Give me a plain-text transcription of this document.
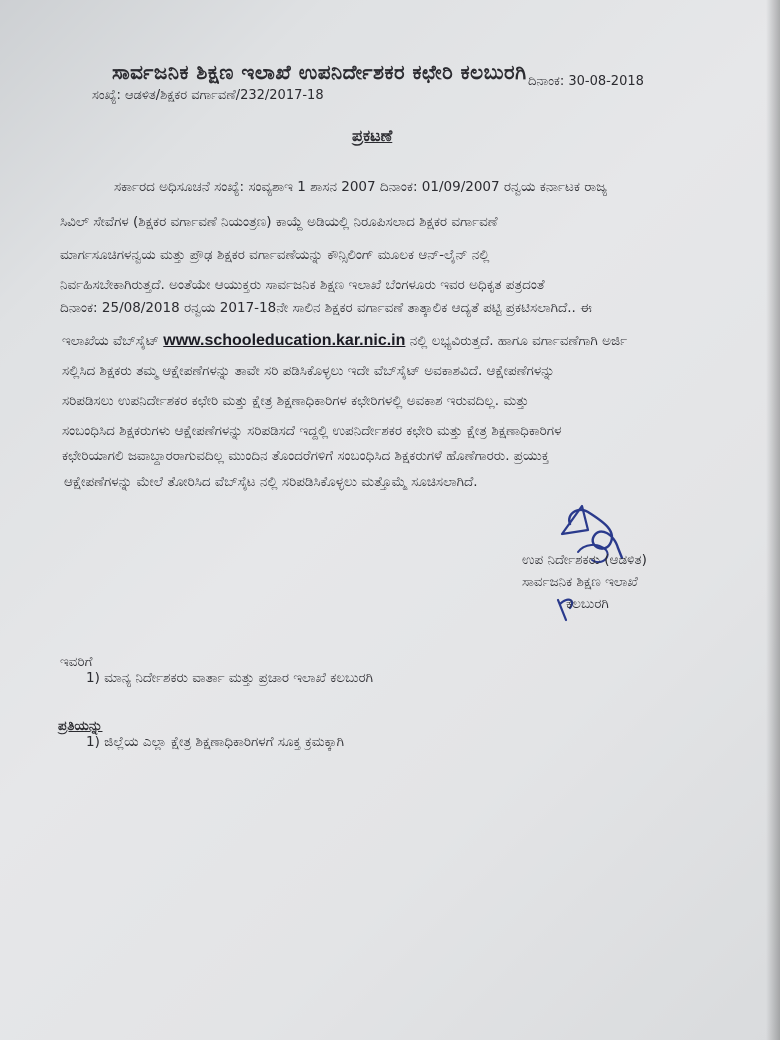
ಸಾರ್ವಜನಿಕ ಶಿಕ್ಷಣ ಇಲಾಖೆ ಉಪನಿರ್ದೇಶಕರ ಕಛೇರಿ ಕಲಬುರಗಿ ದಿನಾಂಕ: 30-08-2018
ಸಂಖ್ಯೆ: ಆಡಳಿತ/ಶಿಕ್ಷಕರ ವರ್ಗಾವಣೆ/232/2017-18
ಪ್ರಕಟಣೆ
ಸರ್ಕಾರದ ಅಧಿಸೂಚನೆ ಸಂಖ್ಯೆ: ಸಂವ್ಯಶಾಇ 1 ಶಾಸನ 2007 ದಿನಾಂಕ: 01/09/2007 ರನ್ವಯ ಕರ್ನಾಟಕ ರಾಜ್ಯ
ಸಿವಿಲ್ ಸೇವೆಗಳ (ಶಿಕ್ಷಕರ ವರ್ಗಾವಣೆ ನಿಯಂತ್ರಣ) ಕಾಯ್ದೆ ಅಡಿಯಲ್ಲಿ ನಿರೂಪಿಸಲಾದ ಶಿಕ್ಷಕರ ವರ್ಗಾವಣೆ
ಮಾರ್ಗಸೂಚಿಗಳನ್ವಯ ಮತ್ತು ಪ್ರೌಢ ಶಿಕ್ಷಕರ ವರ್ಗಾವಣೆಯನ್ನು ಕೌನ್ಸಿಲಿಂಗ್ ಮೂಲಕ ಆನ್-ಲೈನ್ ನಲ್ಲಿ
ನಿರ್ವಹಿಸಬೇಕಾಗಿರುತ್ತದೆ. ಅಂತೆಯೇ ಆಯುಕ್ತರು ಸಾರ್ವಜನಿಕ ಶಿಕ್ಷಣ ಇಲಾಖೆ ಬೆಂಗಳೂರು ಇವರ ಅಧಿಕೃತ ಪತ್ರದಂತೆ
ದಿನಾಂಕ: 25/08/2018 ರನ್ವಯ 2017-18ನೇ ಸಾಲಿನ ಶಿಕ್ಷಕರ ವರ್ಗಾವಣೆ ತಾತ್ಕಾಲಿಕ ಆದ್ಯತೆ ಪಟ್ಟಿ ಪ್ರಕಟಿಸಲಾಗಿದೆ.. ಈ
ಇಲಾಖೆಯ ವೆಬ್‌ಸೈಟ್ www.schooleducation.kar.nic.in ನಲ್ಲಿ ಲಭ್ಯವಿರುತ್ತದೆ. ಹಾಗೂ ವರ್ಗಾವಣೆಗಾಗಿ ಅರ್ಜಿ
ಸಲ್ಲಿಸಿದ ಶಿಕ್ಷಕರು ತಮ್ಮ ಆಕ್ಷೇಪಣೆಗಳನ್ನು ತಾವೇ ಸರಿ ಪಡಿಸಿಕೊಳ್ಳಲು ಇದೇ ವೆಬ್‌ಸೈಟ್ ಅವಕಾಶವಿದೆ. ಆಕ್ಷೇಪಣೆಗಳನ್ನು
ಸರಿಪಡಿಸಲು ಉಪನಿರ್ದೇಶಕರ ಕಛೇರಿ ಮತ್ತು ಕ್ಷೇತ್ರ ಶಿಕ್ಷಣಾಧಿಕಾರಿಗಳ ಕಛೇರಿಗಳಲ್ಲಿ ಅವಕಾಶ ಇರುವದಿಲ್ಲ. ಮತ್ತು
ಸಂಬಂಧಿಸಿದ ಶಿಕ್ಷಕರುಗಳು ಆಕ್ಷೇಪಣೆಗಳನ್ನು ಸರಿಪಡಿಸದೆ ಇದ್ದಲ್ಲಿ ಉಪನಿರ್ದೇಶಕರ ಕಛೇರಿ ಮತ್ತು ಕ್ಷೇತ್ರ ಶಿಕ್ಷಣಾಧಿಕಾರಿಗಳ
ಕಛೇರಿಯಾಗಲಿ ಜವಾಬ್ದಾರರಾಗುವದಿಲ್ಲ ಮುಂದಿನ ತೊಂದರೆಗಳಿಗೆ ಸಂಬಂಧಿಸಿದ ಶಿಕ್ಷಕರುಗಳೆ ಹೊಣೆಗಾರರು. ಪ್ರಯುಕ್ತ
ಆಕ್ಷೇಪಣೆಗಳನ್ನು ಮೇಲೆ ತೋರಿಸಿದ ವೆಬ್‌ಸೈಟ ನಲ್ಲಿ ಸರಿಪಡಿಸಿಕೊಳ್ಳಲು ಮತ್ತೊಮ್ಮೆ ಸೂಚಿಸಲಾಗಿದೆ.
ಉಪ ನಿರ್ದೇಶಕರು (ಆಡಳಿತ)
ಸಾರ್ವಜನಿಕ ಶಿಕ್ಷಣ ಇಲಾಖೆ
ಕಲಬುರಗಿ
ಇವರಿಗೆ
1) ಮಾನ್ಯ ನಿರ್ದೇಶಕರು ವಾರ್ತಾ ಮತ್ತು ಪ್ರಚಾರ ಇಲಾಖೆ ಕಲಬುರಗಿ
ಪ್ರತಿಯನ್ನು
1) ಜಿಲ್ಲೆಯ ಎಲ್ಲಾ ಕ್ಷೇತ್ರ ಶಿಕ್ಷಣಾಧಿಕಾರಿಗಳಗೆ ಸೂಕ್ತ ಕ್ರಮಕ್ಕಾಗಿ
